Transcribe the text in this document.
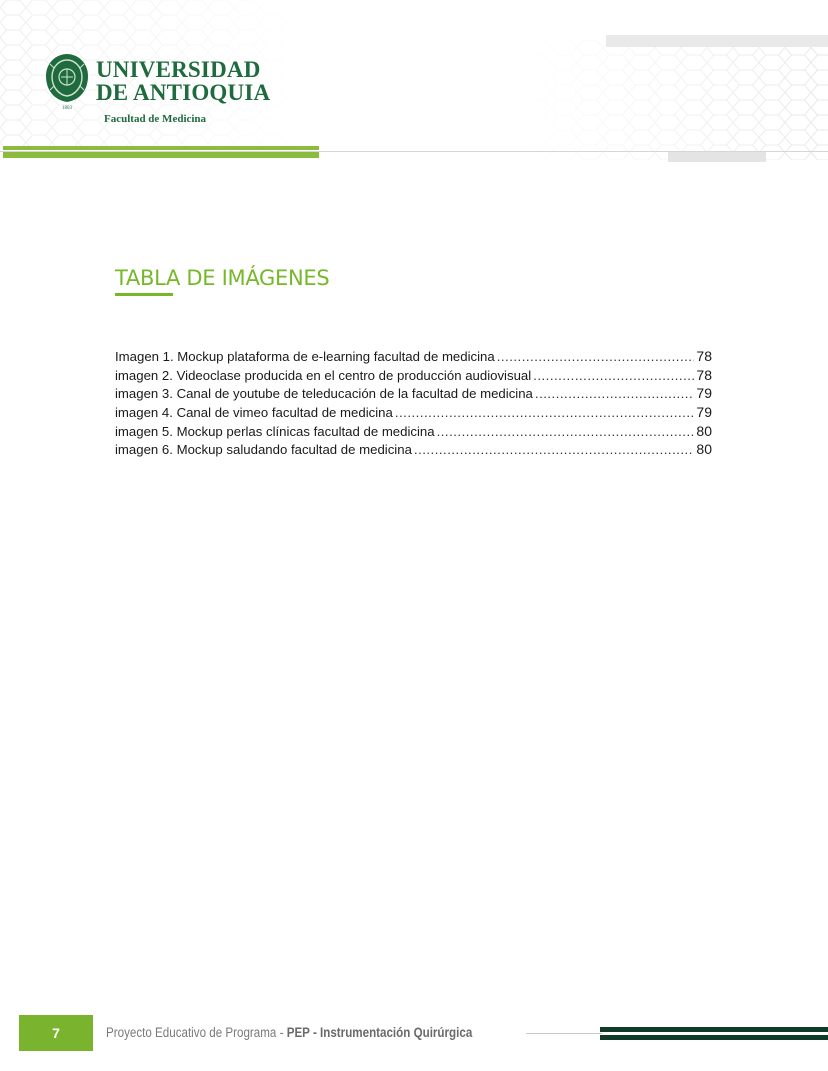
1803
UNIVERSIDAD
DE ANTIOQUIA
Facultad de Medicina
TABLA DE IMÁGENES
Imagen 1. Mockup plataforma de e-learning facultad de medicina .....	78
imagen 2. Videoclase producida en el centro de producción audiovisual .....	78
imagen 3. Canal de youtube de teleducación de la facultad de medicina .....	79
imagen 4. Canal de vimeo facultad de medicina .....	79
imagen 5. Mockup perlas clínicas facultad de medicina .....	80
imagen 6. Mockup saludando facultad de medicina .....	80
7	Proyecto Educativo de Programa - PEP - Instrumentación Quirúrgica
